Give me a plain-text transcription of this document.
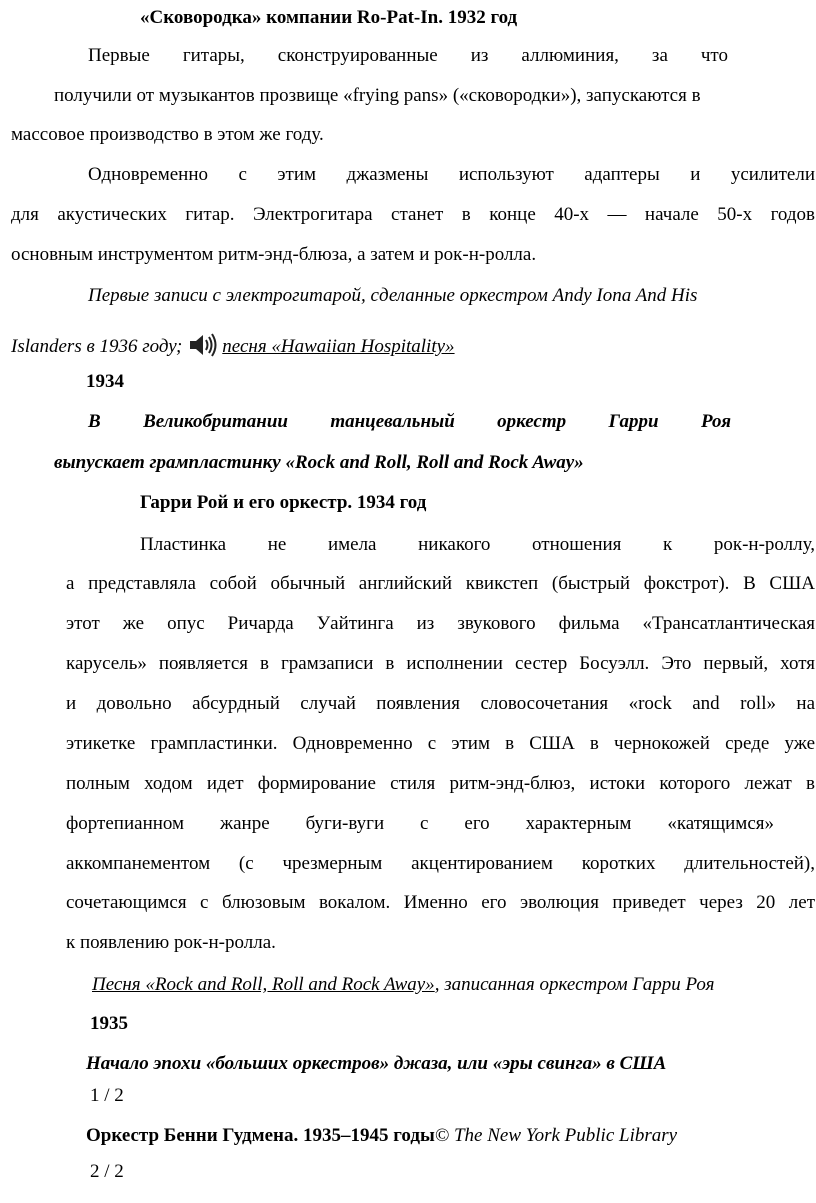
«Сковородка» компании Ro-Pat-In. 1932 год
Первые гитары, сконструированные из аллюминия, за что
получили от музыкантов прозвище «frying pans» («сковородки»), запускаются в
массовое производство в этом же году.
Одновременно с этим джазмены используют адаптеры и усилители
для акустических гитар. Электрогитара станет в конце 40-х — начале 50-х годов
основным инструментом ритм-энд-блюза, а затем и рок-н-ролла.
Первые записи с электрогитарой, сделанные оркестром Andy Iona And His
Islanders в 1936 году; песня «Hawaiian Hospitality»
1934
В Великобритании танцевальный оркестр Гарри Роя
выпускает грампластинку «Rock and Roll, Roll and Rock Away»
Гарри Рой и его оркестр. 1934 год
Пластинка не имела никакого отношения к рок-н-роллу,
а представляла собой обычный английский квикстеп (быстрый фокстрот). В США
этот же опус Ричарда Уайтинга из звукового фильма «Трансатлантическая
карусель» появляется в грамзаписи в исполнении сестер Босуэлл. Это первый, хотя
и довольно абсурдный случай появления словосочетания «rock and roll» на
этикетке грампластинки. Одновременно с этим в США в чернокожей среде уже
полным ходом идет формирование стиля ритм-энд-блюз, истоки которого лежат в
фортепианном жанре буги-вуги с его характерным «катящимся»
аккомпанементом (с чрезмерным акцентированием коротких длительностей),
сочетающимся с блюзовым вокалом. Именно его эволюция приведет через 20 лет
к появлению рок-н-ролла.
Песня «Rock and Roll, Roll and Rock Away», записанная оркестром Гарри Роя
1935
Начало эпохи «больших оркестров» джаза, или «эры свинга» в США
1 / 2
Оркестр Бенни Гудмена. 1935–1945 годы© The New York Public Library
2 / 2
